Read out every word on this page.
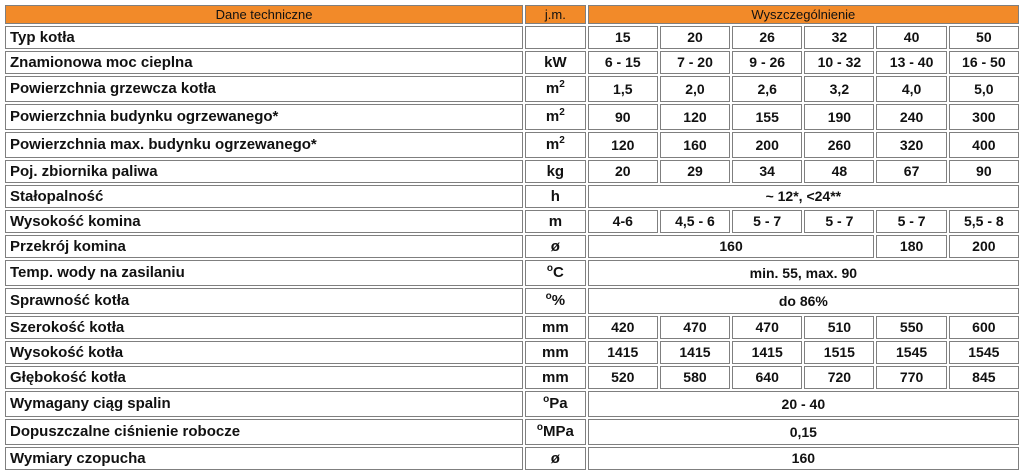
Dane techniczne	j.m.	Wyszczególnienie					
Typ kotła		15	20	26	32	40	50
Znamionowa moc cieplna	kW	6 - 15	7 - 20	9 - 26	10 - 32	13 - 40	16 - 50
Powierzchnia grzewcza kotła	$m^2$	1,5	2,0	2,6	3,2	4,0	5,0
Powierzchnia budynku ogrzewanego*	$m^2$	90	120	155	190	240	300
Powierzchnia max. budynku ogrzewanego*	$m^2$	120	160	200	260	320	400
Poj. zbiornika paliwa	kg	20	29	34	48	67	90
Stałopalność	h	~ 12*, <24**					
Wysokość komina	m	4-6	4,5 - 6	5 - 7	5 - 7	5 - 7	5,5 - 8
Przekrój komina	ø	160				180	200
Temp. wody na zasilaniu	$^o$C	min. 55, max. 90					
Sprawność kotła	$^o$%	do 86%					
Szerokość kotła	mm	420	470	470	510	550	600
Wysokość kotła	mm	1415	1415	1415	1515	1545	1545
Głębokość kotła	mm	520	580	640	720	770	845
Wymagany ciąg spalin	$^o$Pa	20 - 40					
Dopuszczalne ciśnienie robocze	$^o$MPa	0,15					
Wymiary czopucha	ø	160					
